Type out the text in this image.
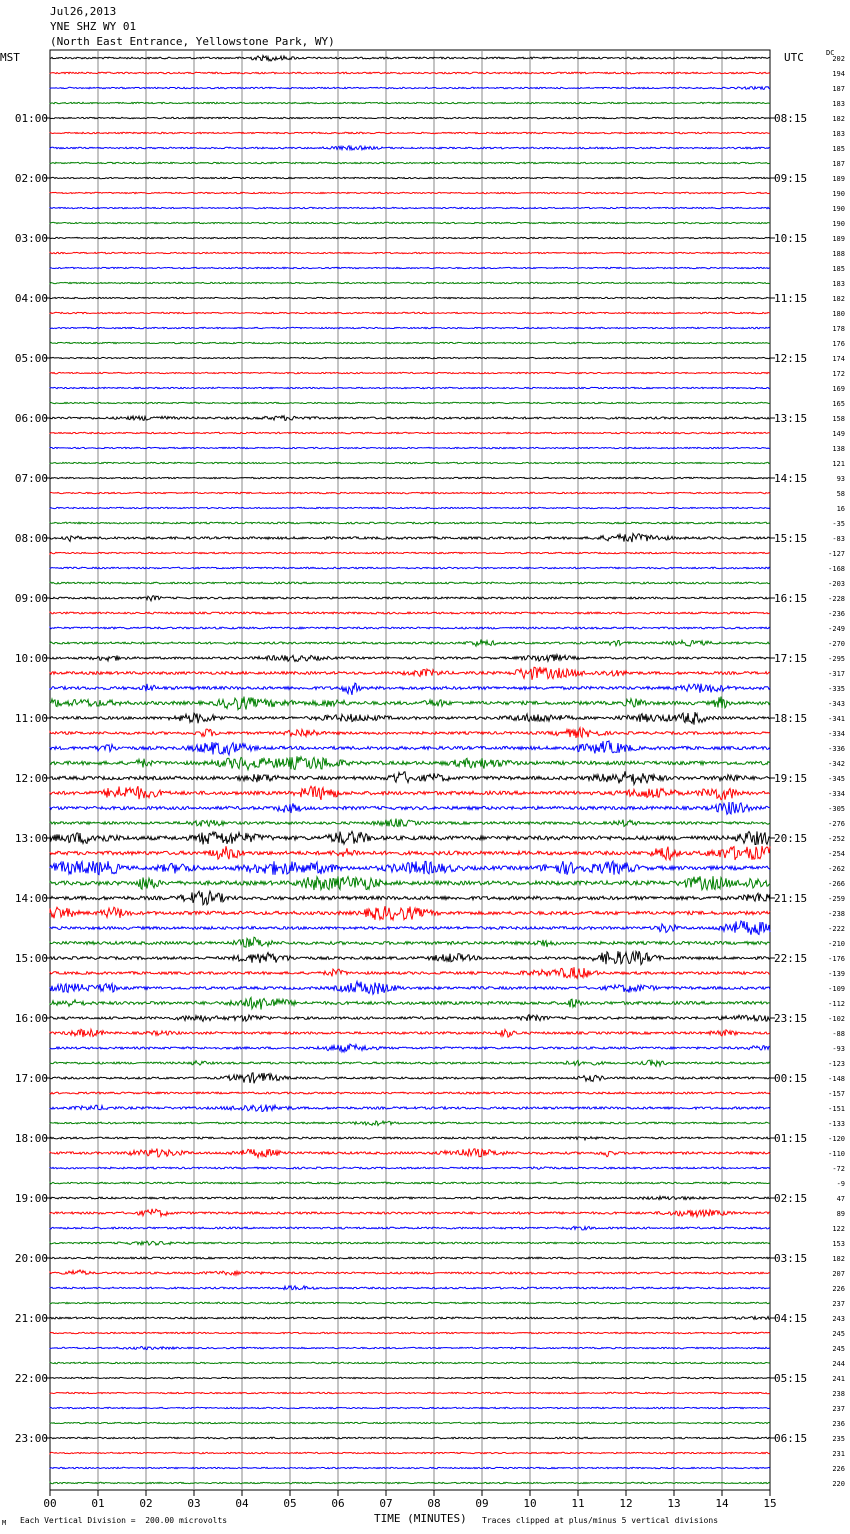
Jul26,2013
YNE SHZ WY 01
(North East Entrance, Yellowstone Park, WY)
MST	UTC	DC
00	01	02	03	04	05	06	07	08	09	10	11	12	13	14	15
202
194
187
183
182
183
185
187
189
190
190
190
189
188
185
183
182
180
178
176
174
172
169
165
158
149
138
121
93
58
16
-35
-83
-127
-168
-203
-228
-236
-249
-270
-295
-317
-335
-343
-341
-334
-336
-342
-345
-334
-305
-276
-252
-254
-262
-266
-259
-238
-222
-210
-176
-139
-109
-112
-102
-88
-93
-123
-148
-157
-151
-133
-120
-110
-72
-9
47
89
122
153
182
207
226
237
243
245
245
244
241
238
237
236
235
231
226
220
01:00	08:15
02:00	09:15
03:00	10:15
04:00	11:15
05:00	12:15
06:00	13:15
07:00	14:15
08:00	15:15
09:00	16:15
10:00	17:15
11:00	18:15
12:00	19:15
13:00	20:15
14:00	21:15
15:00	22:15
16:00	23:15
17:00	00:15
18:00	01:15
19:00	02:15
20:00	03:15
21:00	04:15
22:00	05:15
23:00	06:15
M Each Vertical Division =  200.00 microvolts	TIME (MINUTES) Traces clipped at plus/minus 5 vertical divisions
